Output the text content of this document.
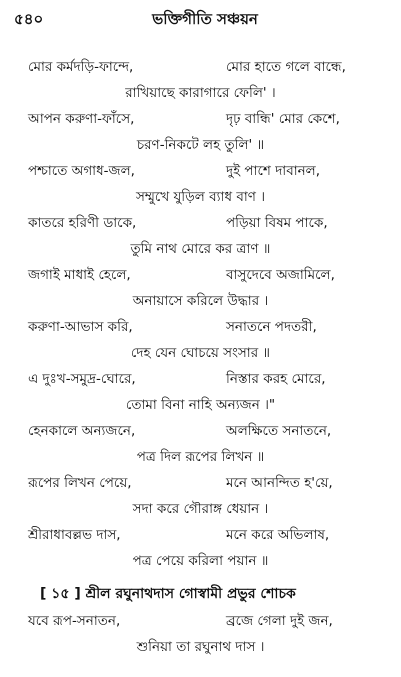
৫৪০	ভক্তিগীতি সঞ্চয়ন
মোর কর্মদড়ি-ফান্দে,	মোর হাতে গলে বান্ধে,
রাখিয়াছে কারাগারে ফেলি' ।
আপন করুণা-ফাঁসে,	দৃঢ় বান্ধি' মোর কেশে,
চরণ-নিকটে লহ তুলি' ॥
পশ্চাতে অগাধ-জল,	দুই পাশে দাবানল,
সম্মুখে যুড়িল ব্যাধ বাণ ।
কাতরে হরিণী ডাকে,	পড়িয়া বিষম পাকে,
তুমি নাথ মোরে কর ত্রাণ ॥
জগাই মাধাই হেলে,	বাসুদেবে অজামিলে,
অনায়াসে করিলে উদ্ধার ।
করুণা-আভাস করি,	সনাতনে পদতরী,
দেহ যেন ঘোচয়ে সংসার ॥
এ দুঃখ-সমুদ্র-ঘোরে,	নিস্তার করহ মোরে,
তোমা বিনা নাহি অন্যজন ।"
হেনকালে অন্যজনে,	অলক্ষিতে সনাতনে,
পত্র দিল রূপের লিখন ॥
রূপের লিখন পেয়ে,	মনে আনন্দিত হ'য়ে,
সদা করে গৌরাঙ্গ ধেয়ান ।
শ্রীরাধাবল্লভ দাস,	মনে করে অভিলাষ,
পত্র পেয়ে করিলা পয়ান ॥
[ ১৫ ] শ্রীল রঘুনাথদাস গোস্বামী প্রভুর শোচক
যবে রূপ-সনাতন,	ব্রজে গেলা দুই জন,
শুনিয়া তা রঘুনাথ দাস ।
